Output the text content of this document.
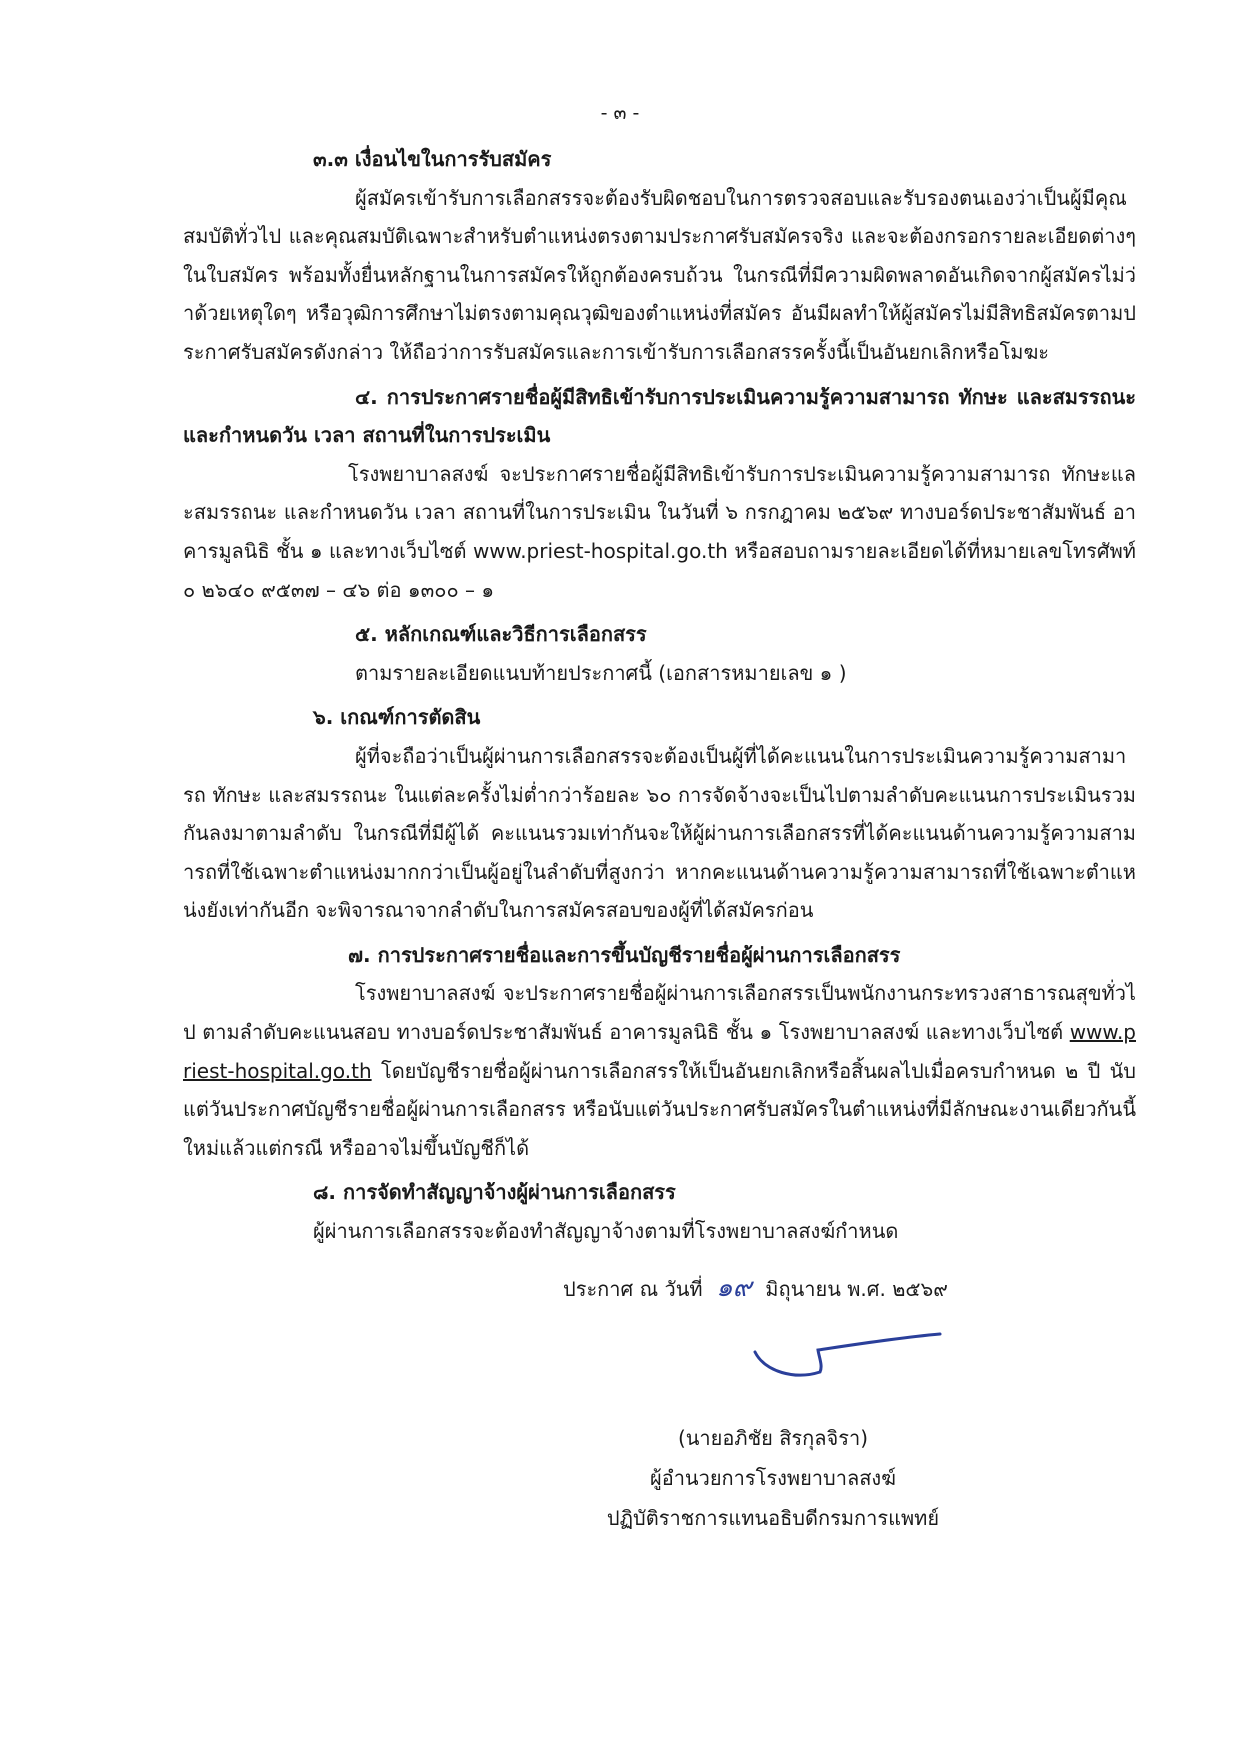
- ๓ -

๓.๓ เงื่อนไขในการรับสมัคร

ผู้สมัครเข้ารับการเลือกสรรจะต้องรับผิดชอบในการตรวจสอบและรับรองตนเองว่าเป็นผู้มีคุณสมบัติทั่วไป และคุณสมบัติเฉพาะสำหรับตำแหน่งตรงตามประกาศรับสมัครจริง และจะต้องกรอกรายละเอียดต่างๆ ในใบสมัคร พร้อมทั้งยื่นหลักฐานในการสมัครให้ถูกต้องครบถ้วน ในกรณีที่มีความผิดพลาดอันเกิดจากผู้สมัครไม่ว่าด้วยเหตุใดๆ หรือวุฒิการศึกษาไม่ตรงตามคุณวุฒิของตำแหน่งที่สมัคร อันมีผลทำให้ผู้สมัครไม่มีสิทธิสมัครตามประกาศรับสมัครดังกล่าว ให้ถือว่าการรับสมัครและการเข้ารับการเลือกสรรครั้งนี้เป็นอันยกเลิกหรือโมฆะ

๔. การประกาศรายชื่อผู้มีสิทธิเข้ารับการประเมินความรู้ความสามารถ ทักษะ และสมรรถนะ และกำหนดวัน เวลา สถานที่ในการประเมิน

โรงพยาบาลสงฆ์ จะประกาศรายชื่อผู้มีสิทธิเข้ารับการประเมินความรู้ความสามารถ ทักษะและสมรรถนะ และกำหนดวัน เวลา สถานที่ในการประเมิน ในวันที่ ๖ กรกฎาคม ๒๕๖๙ ทางบอร์ดประชาสัมพันธ์ อาคารมูลนิธิ ชั้น ๑ และทางเว็บไซต์ www.priest-hospital.go.th หรือสอบถามรายละเอียดได้ที่หมายเลขโทรศัพท์ ๐ ๒๖๔๐ ๙๕๓๗ – ๔๖ ต่อ ๑๓๐๐ – ๑

๕. หลักเกณฑ์และวิธีการเลือกสรร

ตามรายละเอียดแนบท้ายประกาศนี้ (เอกสารหมายเลข ๑ )

๖. เกณฑ์การตัดสิน

ผู้ที่จะถือว่าเป็นผู้ผ่านการเลือกสรรจะต้องเป็นผู้ที่ได้คะแนนในการประเมินความรู้ความสามารถ ทักษะ และสมรรถนะ ในแต่ละครั้งไม่ต่ำกว่าร้อยละ ๖๐ การจัดจ้างจะเป็นไปตามลำดับคะแนนการประเมินรวมกันลงมาตามลำดับ ในกรณีที่มีผู้ได้ คะแนนรวมเท่ากันจะให้ผู้ผ่านการเลือกสรรที่ได้คะแนนด้านความรู้ความสามารถที่ใช้เฉพาะตำแหน่งมากกว่าเป็นผู้อยู่ในลำดับที่สูงกว่า หากคะแนนด้านความรู้ความสามารถที่ใช้เฉพาะตำแหน่งยังเท่ากันอีก จะพิจารณาจากลำดับในการสมัครสอบของผู้ที่ได้สมัครก่อน

๗. การประกาศรายชื่อและการขึ้นบัญชีรายชื่อผู้ผ่านการเลือกสรร

โรงพยาบาลสงฆ์ จะประกาศรายชื่อผู้ผ่านการเลือกสรรเป็นพนักงานกระทรวงสาธารณสุขทั่วไป ตามลำดับคะแนนสอบ ทางบอร์ดประชาสัมพันธ์ อาคารมูลนิธิ ชั้น ๑ โรงพยาบาลสงฆ์ และทางเว็บไซต์ www.priest-hospital.go.th โดยบัญชีรายชื่อผู้ผ่านการเลือกสรรให้เป็นอันยกเลิกหรือสิ้นผลไปเมื่อครบกำหนด ๒ ปี นับแต่วันประกาศบัญชีรายชื่อผู้ผ่านการเลือกสรร หรือนับแต่วันประกาศรับสมัครในตำแหน่งที่มีลักษณะงานเดียวกันนี้ใหม่แล้วแต่กรณี หรืออาจไม่ขึ้นบัญชีก็ได้

๘. การจัดทำสัญญาจ้างผู้ผ่านการเลือกสรร

ผู้ผ่านการเลือกสรรจะต้องทำสัญญาจ้างตามที่โรงพยาบาลสงฆ์กำหนด

ประกาศ ณ วันที่ ๑๙ มิถุนายน พ.ศ. ๒๕๖๙
(นายอภิชัย สิรกุลจิรา)
ผู้อำนวยการโรงพยาบาลสงฆ์
ปฏิบัติราชการแทนอธิบดีกรมการแพทย์
